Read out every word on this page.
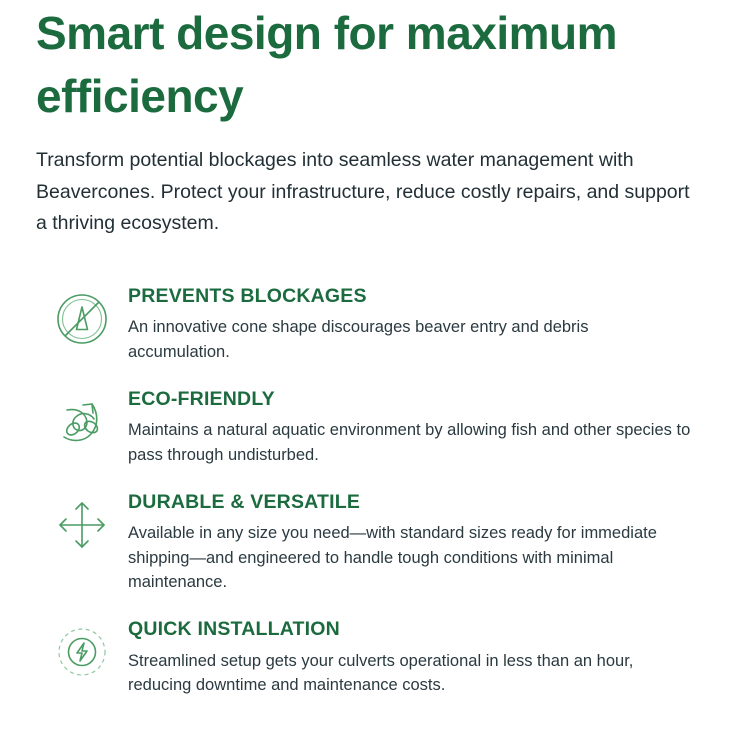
Smart design for maximum efficiency

Transform potential blockages into seamless water management with Beavercones. Protect your infrastructure, reduce costly repairs, and support a thriving ecosystem.

PREVENTS BLOCKAGES

An innovative cone shape discourages beaver entry and debris accumulation.

ECO-FRIENDLY

Maintains a natural aquatic environment by allowing fish and other species to pass through undisturbed.

DURABLE & VERSATILE

Available in any size you need—with standard sizes ready for immediate shipping—and engineered to handle tough conditions with minimal maintenance.

QUICK INSTALLATION

Streamlined setup gets your culverts operational in less than an hour, reducing downtime and maintenance costs.
